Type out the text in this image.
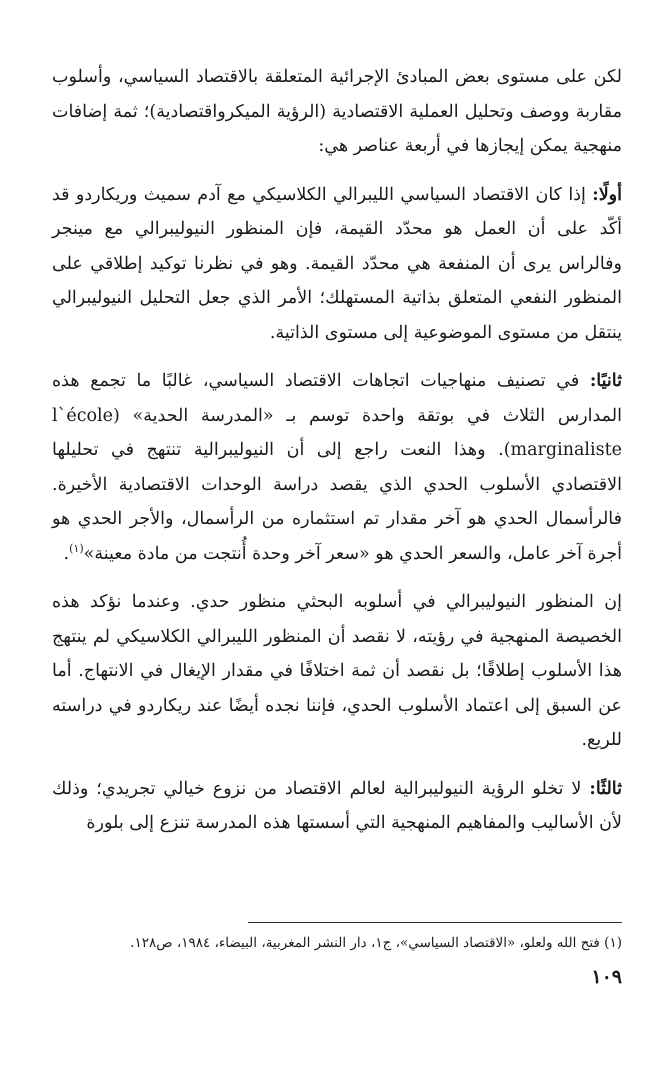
لكن على مستوى بعض المبادئ الإجرائية المتعلقة بالاقتصاد السياسي، وأسلوب مقاربة ووصف وتحليل العملية الاقتصادية (الرؤية الميكرواقتصادية)؛ ثمة إضافات منهجية يمكن إيجازها في أربعة عناصر هي:

أولًا: إذا كان الاقتصاد السياسي الليبرالي الكلاسيكي مع آدم سميث وريكاردو قد أكّد على أن العمل هو محدّد القيمة، فإن المنظور النيوليبرالي مع مينجر وفالراس يرى أن المنفعة هي محدّد القيمة. وهو في نظرنا توكيد إطلاقي على المنظور النفعي المتعلق بذاتية المستهلك؛ الأمر الذي جعل التحليل النيوليبرالي ينتقل من مستوى الموضوعية إلى مستوى الذاتية.

ثانيًا: في تصنيف منهاجيات اتجاهات الاقتصاد السياسي، غالبًا ما تجمع هذه المدارس الثلاث في بوتقة واحدة توسم بـ «المدرسة الحدية» (l`école marginaliste). وهذا النعت راجع إلى أن النيوليبرالية تنتهج في تحليلها الاقتصادي الأسلوب الحدي الذي يقصد دراسة الوحدات الاقتصادية الأخيرة. فالرأسمال الحدي هو آخر مقدار تم استثماره من الرأسمال، والأجر الحدي هو أجرة آخر عامل، والسعر الحدي هو «سعر آخر وحدة أُنتجت من مادة معينة»$^{(١)}$.

إن المنظور النيوليبرالي في أسلوبه البحثي منظور حدي. وعندما نؤكد هذه الخصيصة المنهجية في رؤيته، لا نقصد أن المنظور الليبرالي الكلاسيكي لم ينتهج هذا الأسلوب إطلاقًا؛ بل نقصد أن ثمة اختلافًا في مقدار الإيغال في الانتهاج. أما عن السبق إلى اعتماد الأسلوب الحدي، فإننا نجده أيضًا عند ريكاردو في دراسته للريع.

ثالثًا: لا تخلو الرؤية النيوليبرالية لعالم الاقتصاد من نزوع خيالي تجريدي؛ وذلك لأن الأساليب والمفاهيم المنهجية التي أسستها هذه المدرسة تنزع إلى بلورة

(١) فتح الله ولعلو، «الاقتصاد السياسي»، ج١، دار النشر المغربية، البيضاء، ١٩٨٤، ص١٢٨.

١٠٩
